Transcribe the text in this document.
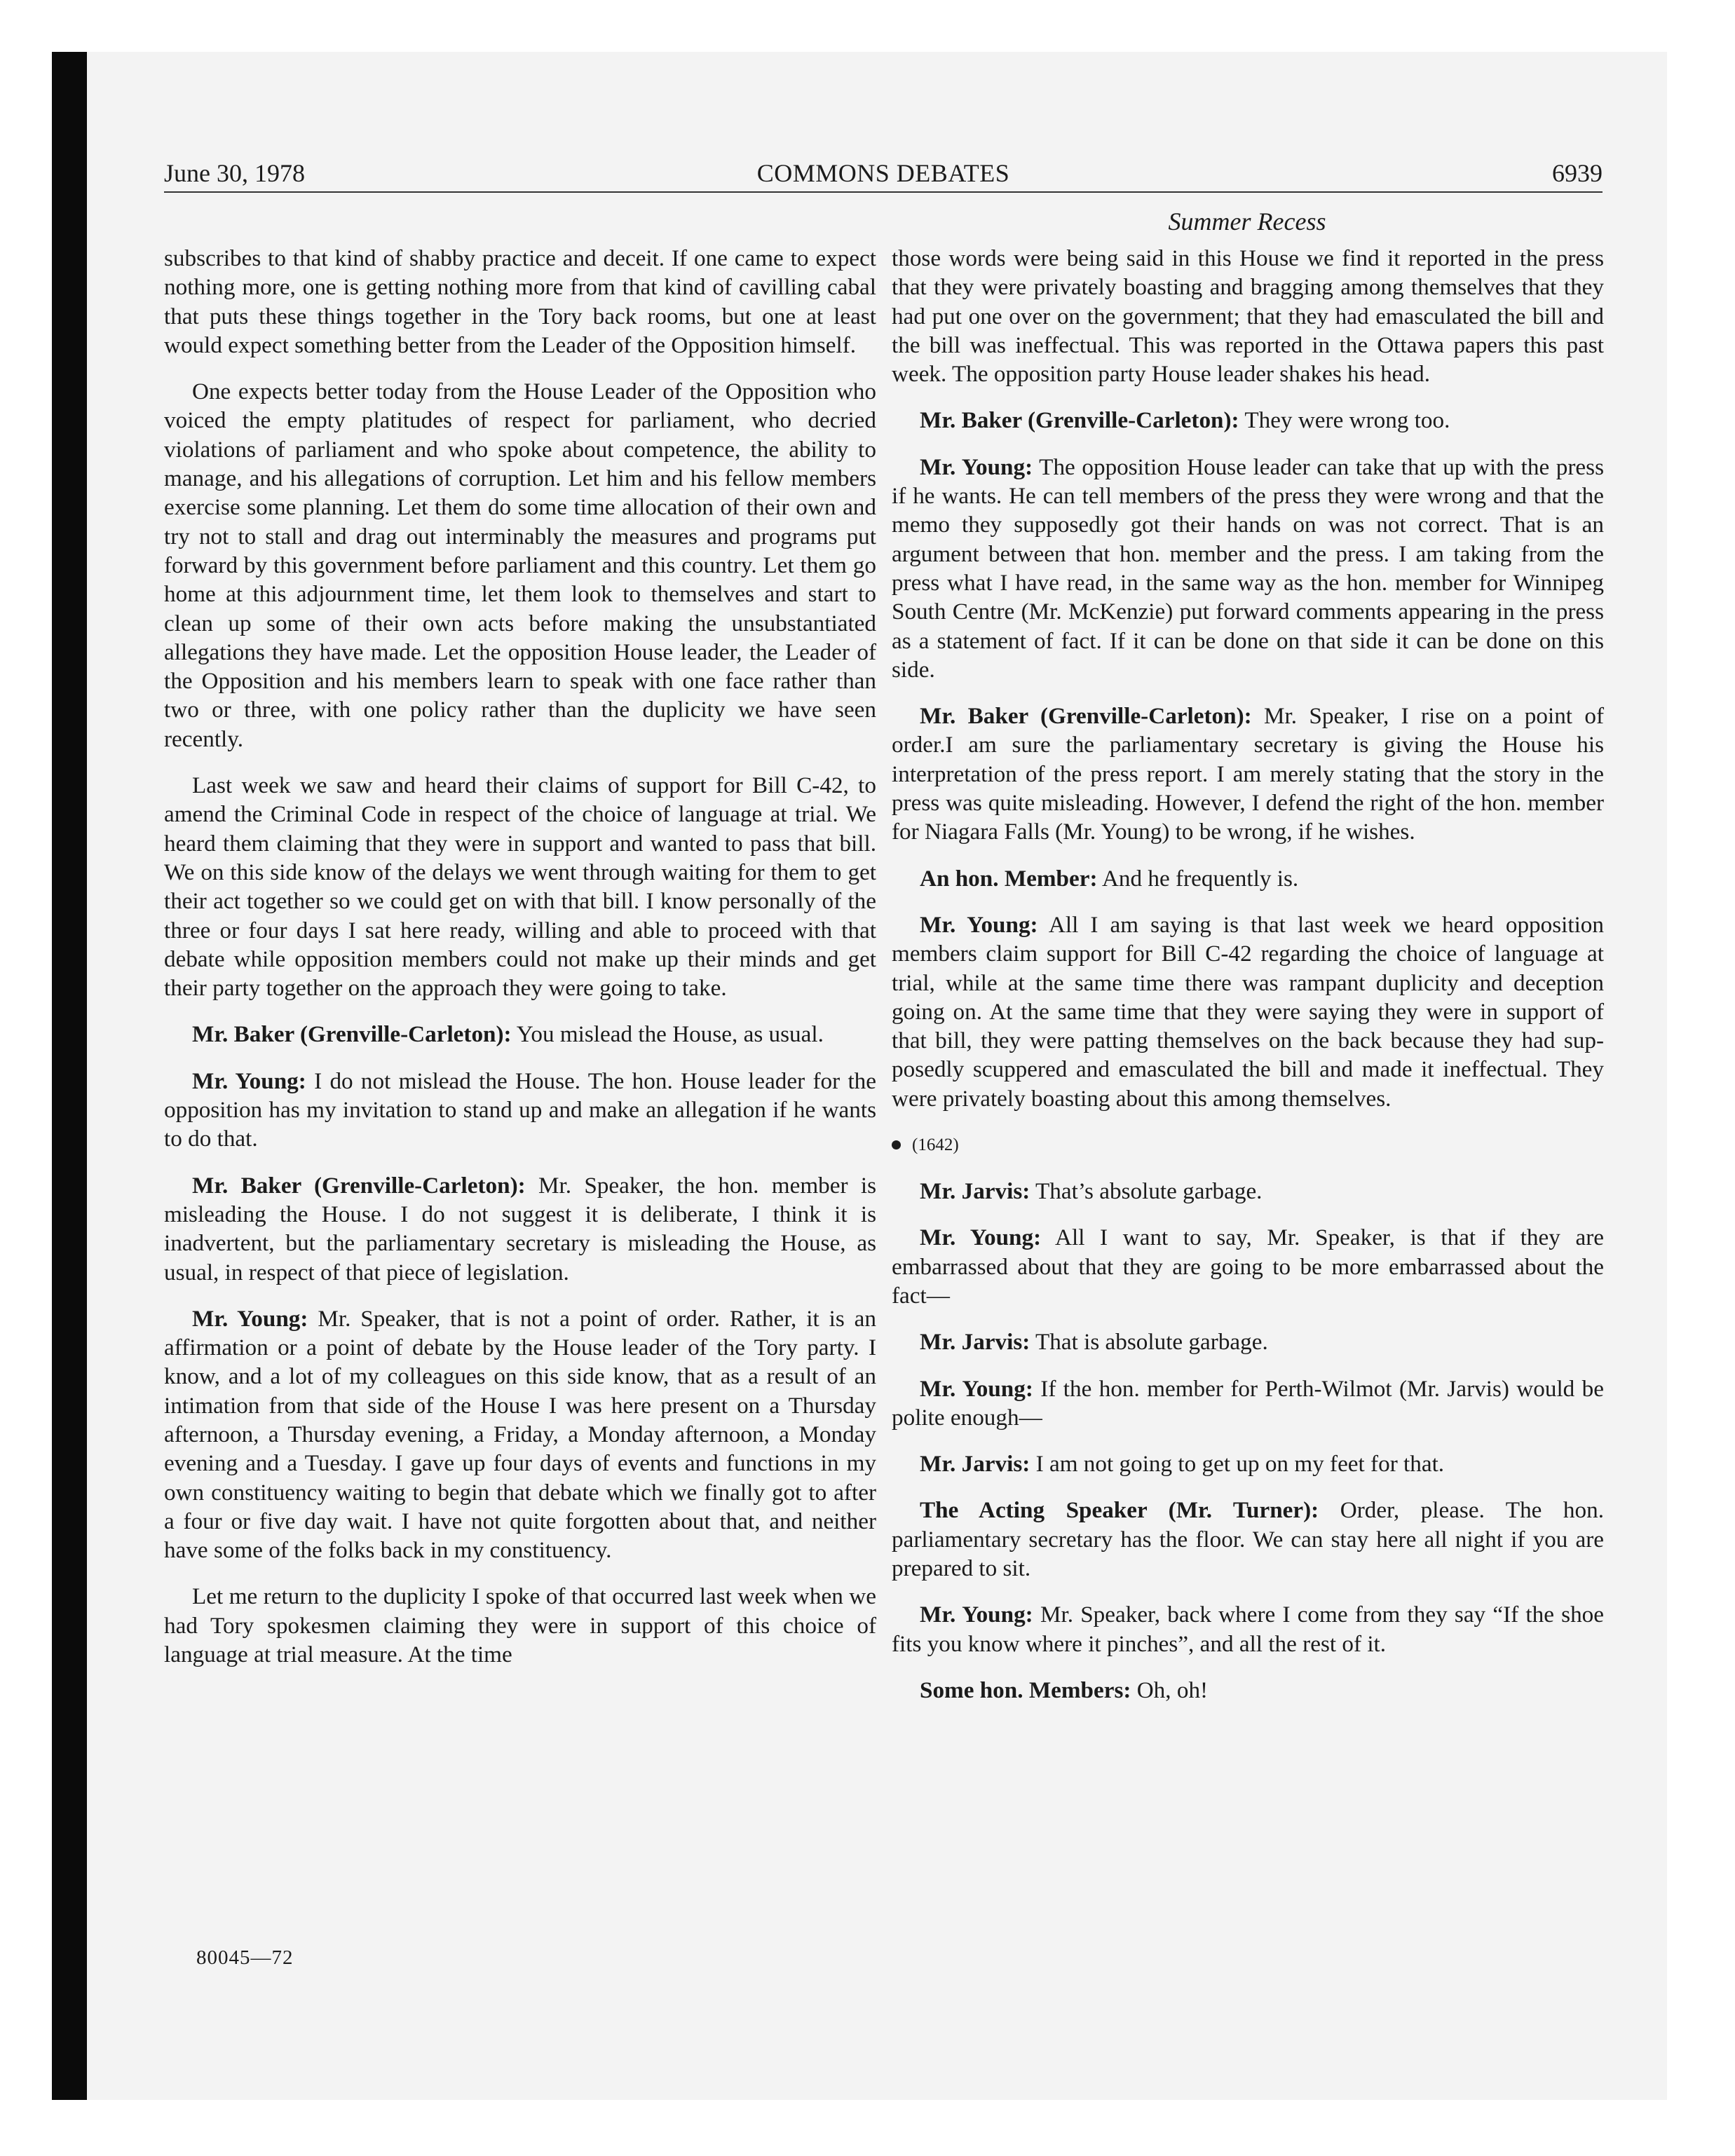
June 30, 1978	COMMONS DEBATES	6939
Summer Recess

subscribes to that kind of shabby practice and deceit. If one came to expect nothing more, one is getting nothing more from that kind of cavilling cabal that puts these things together in the Tory back rooms, but one at least would expect something better from the Leader of the Opposition himself.

One expects better today from the House Leader of the Opposition who voiced the empty platitudes of respect for parliament, who decried violations of parliament and who spoke about competence, the ability to manage, and his allegations of corruption. Let him and his fellow members exercise some planning. Let them do some time allocation of their own and try not to stall and drag out interminably the measures and programs put forward by this government before parliament and this country. Let them go home at this adjournment time, let them look to themselves and start to clean up some of their own acts before making the unsubstantiated allegations they have made. Let the opposition House leader, the Leader of the Opposition and his members learn to speak with one face rather than two or three, with one policy rather than the duplicity we have seen recently.

Last week we saw and heard their claims of support for Bill C-42, to amend the Criminal Code in respect of the choice of language at trial. We heard them claiming that they were in support and wanted to pass that bill. We on this side know of the delays we went through waiting for them to get their act together so we could get on with that bill. I know personally of the three or four days I sat here ready, willing and able to proceed with that debate while opposition members could not make up their minds and get their party together on the approach they were going to take.

Mr. Baker (Grenville-Carleton): You mislead the House, as usual.

Mr. Young: I do not mislead the House. The hon. House leader for the opposition has my invitation to stand up and make an allegation if he wants to do that.

Mr. Baker (Grenville-Carleton): Mr. Speaker, the hon. member is misleading the House. I do not suggest it is deliberate, I think it is inadvertent, but the parliamentary secretary is misleading the House, as usual, in respect of that piece of legislation.

Mr. Young: Mr. Speaker, that is not a point of order. Rather, it is an affirmation or a point of debate by the House leader of the Tory party. I know, and a lot of my colleagues on this side know, that as a result of an intimation from that side of the House I was here present on a Thursday afternoon, a Thursday evening, a Friday, a Monday afternoon, a Monday evening and a Tuesday. I gave up four days of events and functions in my own constituency waiting to begin that debate which we finally got to after a four or five day wait. I have not quite forgotten about that, and neither have some of the folks back in my constituency.

Let me return to the duplicity I spoke of that occurred last week when we had Tory spokesmen claiming they were in support of this choice of language at trial measure. At the time

those words were being said in this House we find it reported in the press that they were privately boasting and bragging among themselves that they had put one over on the government; that they had emasculated the bill and the bill was ineffectual. This was reported in the Ottawa papers this past week. The opposition party House leader shakes his head.

Mr. Baker (Grenville-Carleton): They were wrong too.

Mr. Young: The opposition House leader can take that up with the press if he wants. He can tell members of the press they were wrong and that the memo they supposedly got their hands on was not correct. That is an argument between that hon. member and the press. I am taking from the press what I have read, in the same way as the hon. member for Winnipeg South Centre (Mr. McKenzie) put forward comments appearing in the press as a statement of fact. If it can be done on that side it can be done on this side.

Mr. Baker (Grenville-Carleton): Mr. Speaker, I rise on a point of order.I am sure the parliamentary secretary is giving the House his interpretation of the press report. I am merely stating that the story in the press was quite misleading. However, I defend the right of the hon. member for Niagara Falls (Mr. Young) to be wrong, if he wishes.

An hon. Member: And he frequently is.

Mr. Young: All I am saying is that last week we heard opposition members claim support for Bill C-42 regarding the choice of language at trial, while at the same time there was rampant duplicity and deception going on. At the same time that they were saying they were in support of that bill, they were patting themselves on the back because they had supposedly scuppered and emasculated the bill and made it ineffectual. They were privately boasting about this among themselves.

(1642)

Mr. Jarvis: That’s absolute garbage.

Mr. Young: All I want to say, Mr. Speaker, is that if they are embarrassed about that they are going to be more embarrassed about the fact—

Mr. Jarvis: That is absolute garbage.

Mr. Young: If the hon. member for Perth-Wilmot (Mr. Jarvis) would be polite enough—

Mr. Jarvis: I am not going to get up on my feet for that.

The Acting Speaker (Mr. Turner): Order, please. The hon. parliamentary secretary has the floor. We can stay here all night if you are prepared to sit.

Mr. Young: Mr. Speaker, back where I come from they say “If the shoe fits you know where it pinches”, and all the rest of it.

Some hon. Members: Oh, oh!

80045—72
